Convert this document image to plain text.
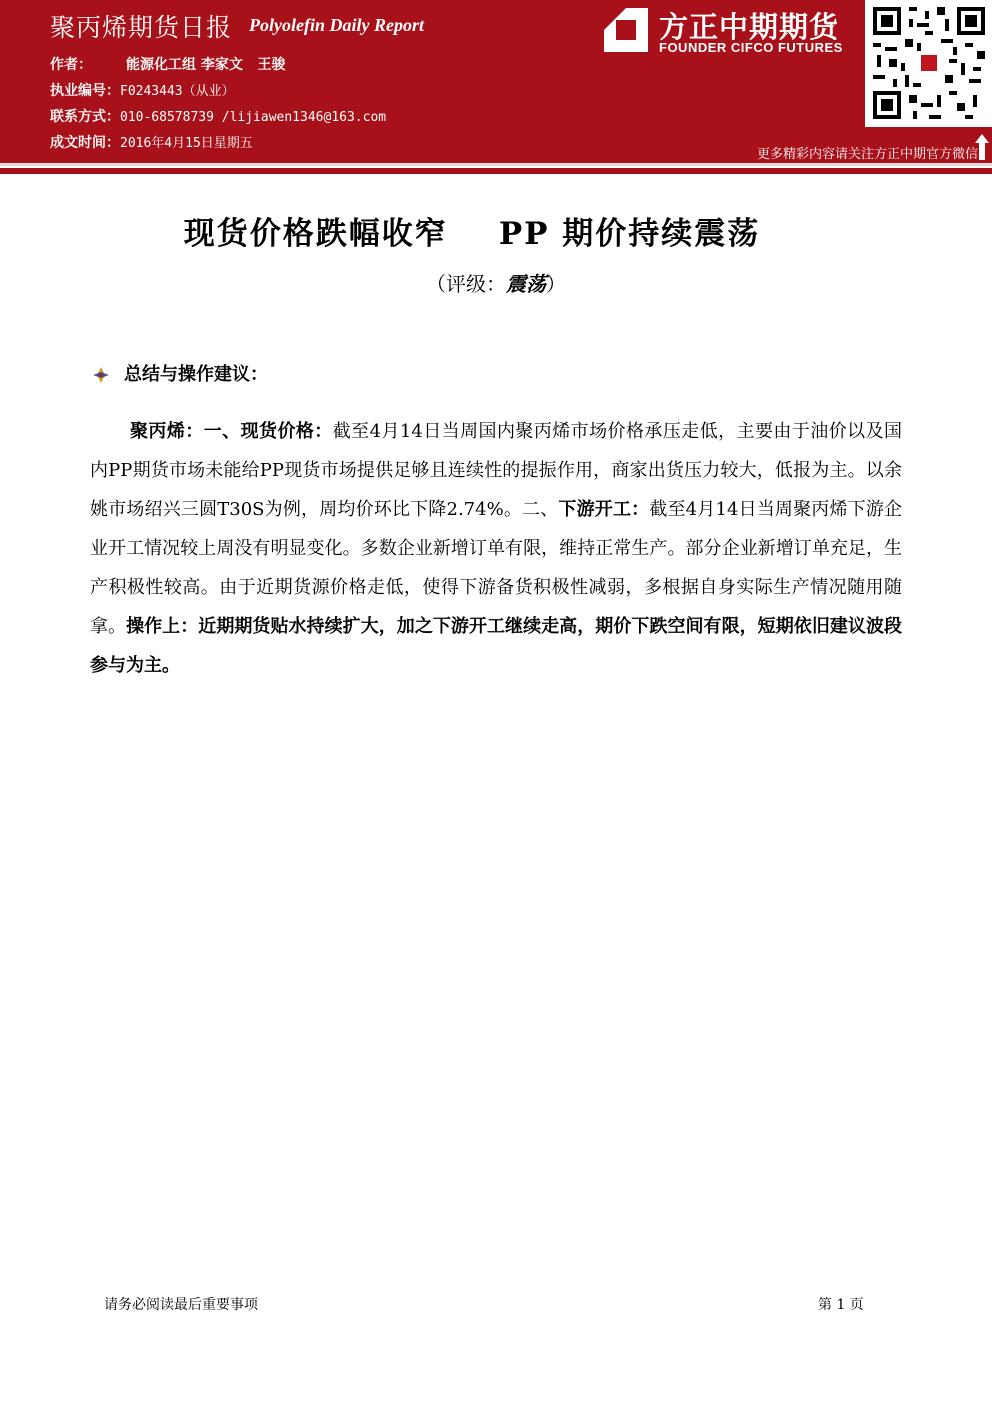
聚丙烯期货日报 Polyolefin Daily Report
作者： 能源化工组 李家文   王骏
执业编号：F0243443（从业）
联系方式：010-68578739 /lijiawen1346@163.com
成文时间：2016年4月15日星期五
方正中期期货
FOUNDER CIFCO FUTURES
更多精彩内容请关注方正中期官方微信
现货价格跌幅收窄    PP 期价持续震荡
（评级：震荡）
总结与操作建议：
聚丙烯：一、现货价格：截至4月14日当周国内聚丙烯市场价格承压走低，主要由于油价以及国内PP期货市场未能给PP现货市场提供足够且连续性的提振作用，商家出货压力较大，低报为主。以余姚市场绍兴三圆T30S为例，周均价环比下降2.74%。二、下游开工：截至4月14日当周聚丙烯下游企业开工情况较上周没有明显变化。多数企业新增订单有限，维持正常生产。部分企业新增订单充足，生产积极性较高。由于近期货源价格走低，使得下游备货积极性减弱，多根据自身实际生产情况随用随拿。操作上：近期期货贴水持续扩大，加之下游开工继续走高，期价下跌空间有限，短期依旧建议波段参与为主。
请务必阅读最后重要事项	第 1 页
